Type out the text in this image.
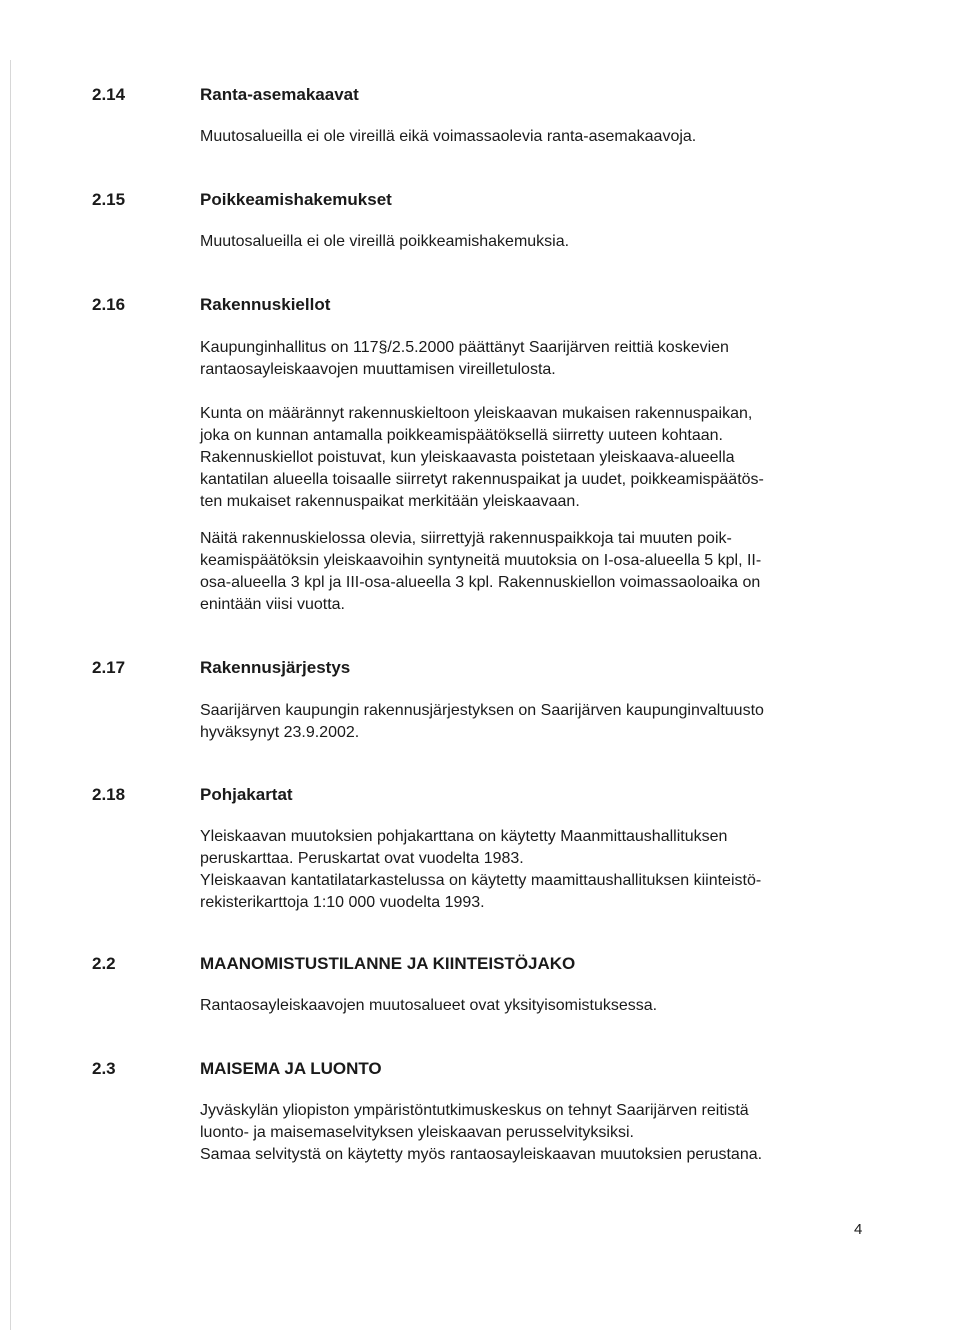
2.14	Ranta-asemakaavat
Muutosalueilla ei ole vireillä eikä voimassaolevia ranta-asemakaavoja.
2.15	Poikkeamishakemukset
Muutosalueilla ei ole vireillä poikkeamishakemuksia.
2.16	Rakennuskiellot
Kaupunginhallitus on 117§/2.5.2000 päättänyt Saarijärven reittiä koskevien
rantaosayleiskaavojen muuttamisen vireilletulosta.
Kunta on määrännyt rakennuskieltoon yleiskaavan mukaisen rakennuspaikan,
joka on kunnan antamalla poikkeamispäätöksellä siirretty uuteen kohtaan.
Rakennuskiellot poistuvat, kun yleiskaavasta poistetaan yleiskaava-alueella
kantatilan alueella toisaalle siirretyt rakennuspaikat ja uudet, poikkeamispäätös-
ten mukaiset rakennuspaikat merkitään yleiskaavaan.
Näitä rakennuskielossa olevia, siirrettyjä rakennuspaikkoja tai muuten poik-
keamispäätöksin yleiskaavoihin syntyneitä muutoksia on I-osa-alueella 5 kpl, II-
osa-alueella 3 kpl ja III-osa-alueella 3 kpl. Rakennuskiellon voimassaoloaika on
enintään viisi vuotta.
2.17	Rakennusjärjestys
Saarijärven kaupungin rakennusjärjestyksen on Saarijärven kaupunginvaltuusto
hyväksynyt 23.9.2002.
2.18	Pohjakartat
Yleiskaavan muutoksien pohjakarttana on käytetty Maanmittaushallituksen
peruskarttaa. Peruskartat ovat vuodelta 1983.
Yleiskaavan kantatilatarkastelussa on käytetty maamittaushallituksen kiinteistö-
rekisterikarttoja 1:10 000 vuodelta 1993.
2.2	MAANOMISTUSTILANNE JA KIINTEISTÖJAKO
Rantaosayleiskaavojen muutosalueet ovat yksityisomistuksessa.
2.3	MAISEMA JA LUONTO
Jyväskylän yliopiston ympäristöntutkimuskeskus on tehnyt Saarijärven reitistä
luonto- ja maisemaselvityksen yleiskaavan perusselvityksiksi.
Samaa selvitystä on käytetty myös rantaosayleiskaavan muutoksien perustana.
4
